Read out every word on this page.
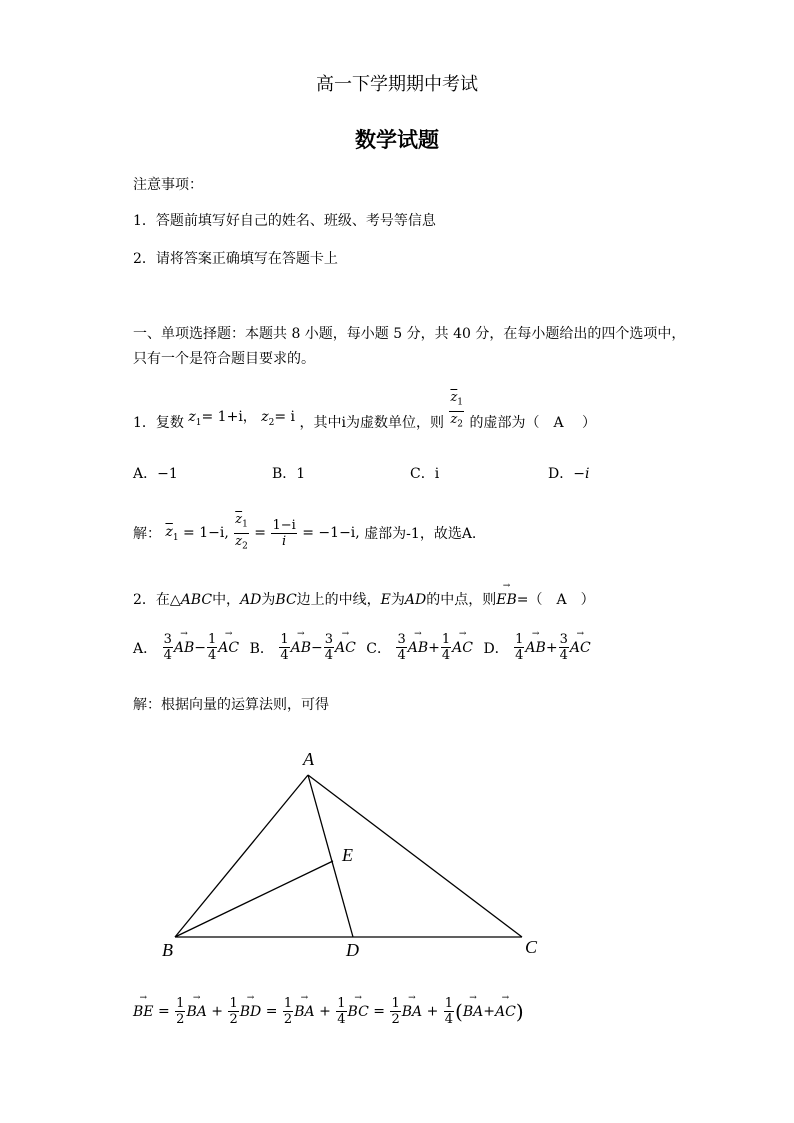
高一下学期期中考试
数学试题
注意事项：
1．答题前填写好自己的姓名、班级、考号等信息
2．请将答案正确填写在答题卡上
一、单项选择题：本题共 8 小题，每小题 5 分，共 40 分，在每小题给出的四个选项中，
只有一个是符合题目要求的。
1．复数 $z_1= 1+i$， $z_2= i$ ，其中i为虚数单位，则 $\frac{\overline{z}_1}{z_2}$ 的虚部为（　A　 ）
A．−1	B．1	C．i	D．−i
解： $\overline{z}_1 = 1-i$, $\frac{\overline{z}_1}{z_2} = \frac{1-i}{i} = -1-i$, 虚部为-1，故选A.
2．在△ABC中，AD为BC边上的中线，E为AD的中点，则→ EB=（　A　）
A． $\frac{3}{4} \to AB- \frac{1}{4}$ → AC B． $\frac{1}{4} \to AB- \frac{3}{4}$ → AC C． $\frac{3}{4} \to AB+ \frac{1}{4}$ → AC D． $\frac{1}{4} \to AB+ \frac{3}{4}$ → AC
解：根据向量的运算法则，可得
A
B	C
D
E
→ BE = $\frac{1}{2}$ → BA + $\frac{1}{2}$ → BD = $\frac{1}{2}$ → BA + $\frac{1}{4}$ → BC = $\frac{1}{2}$ → BA + $\frac{1}{4}$ (→ BA+→ AC)
